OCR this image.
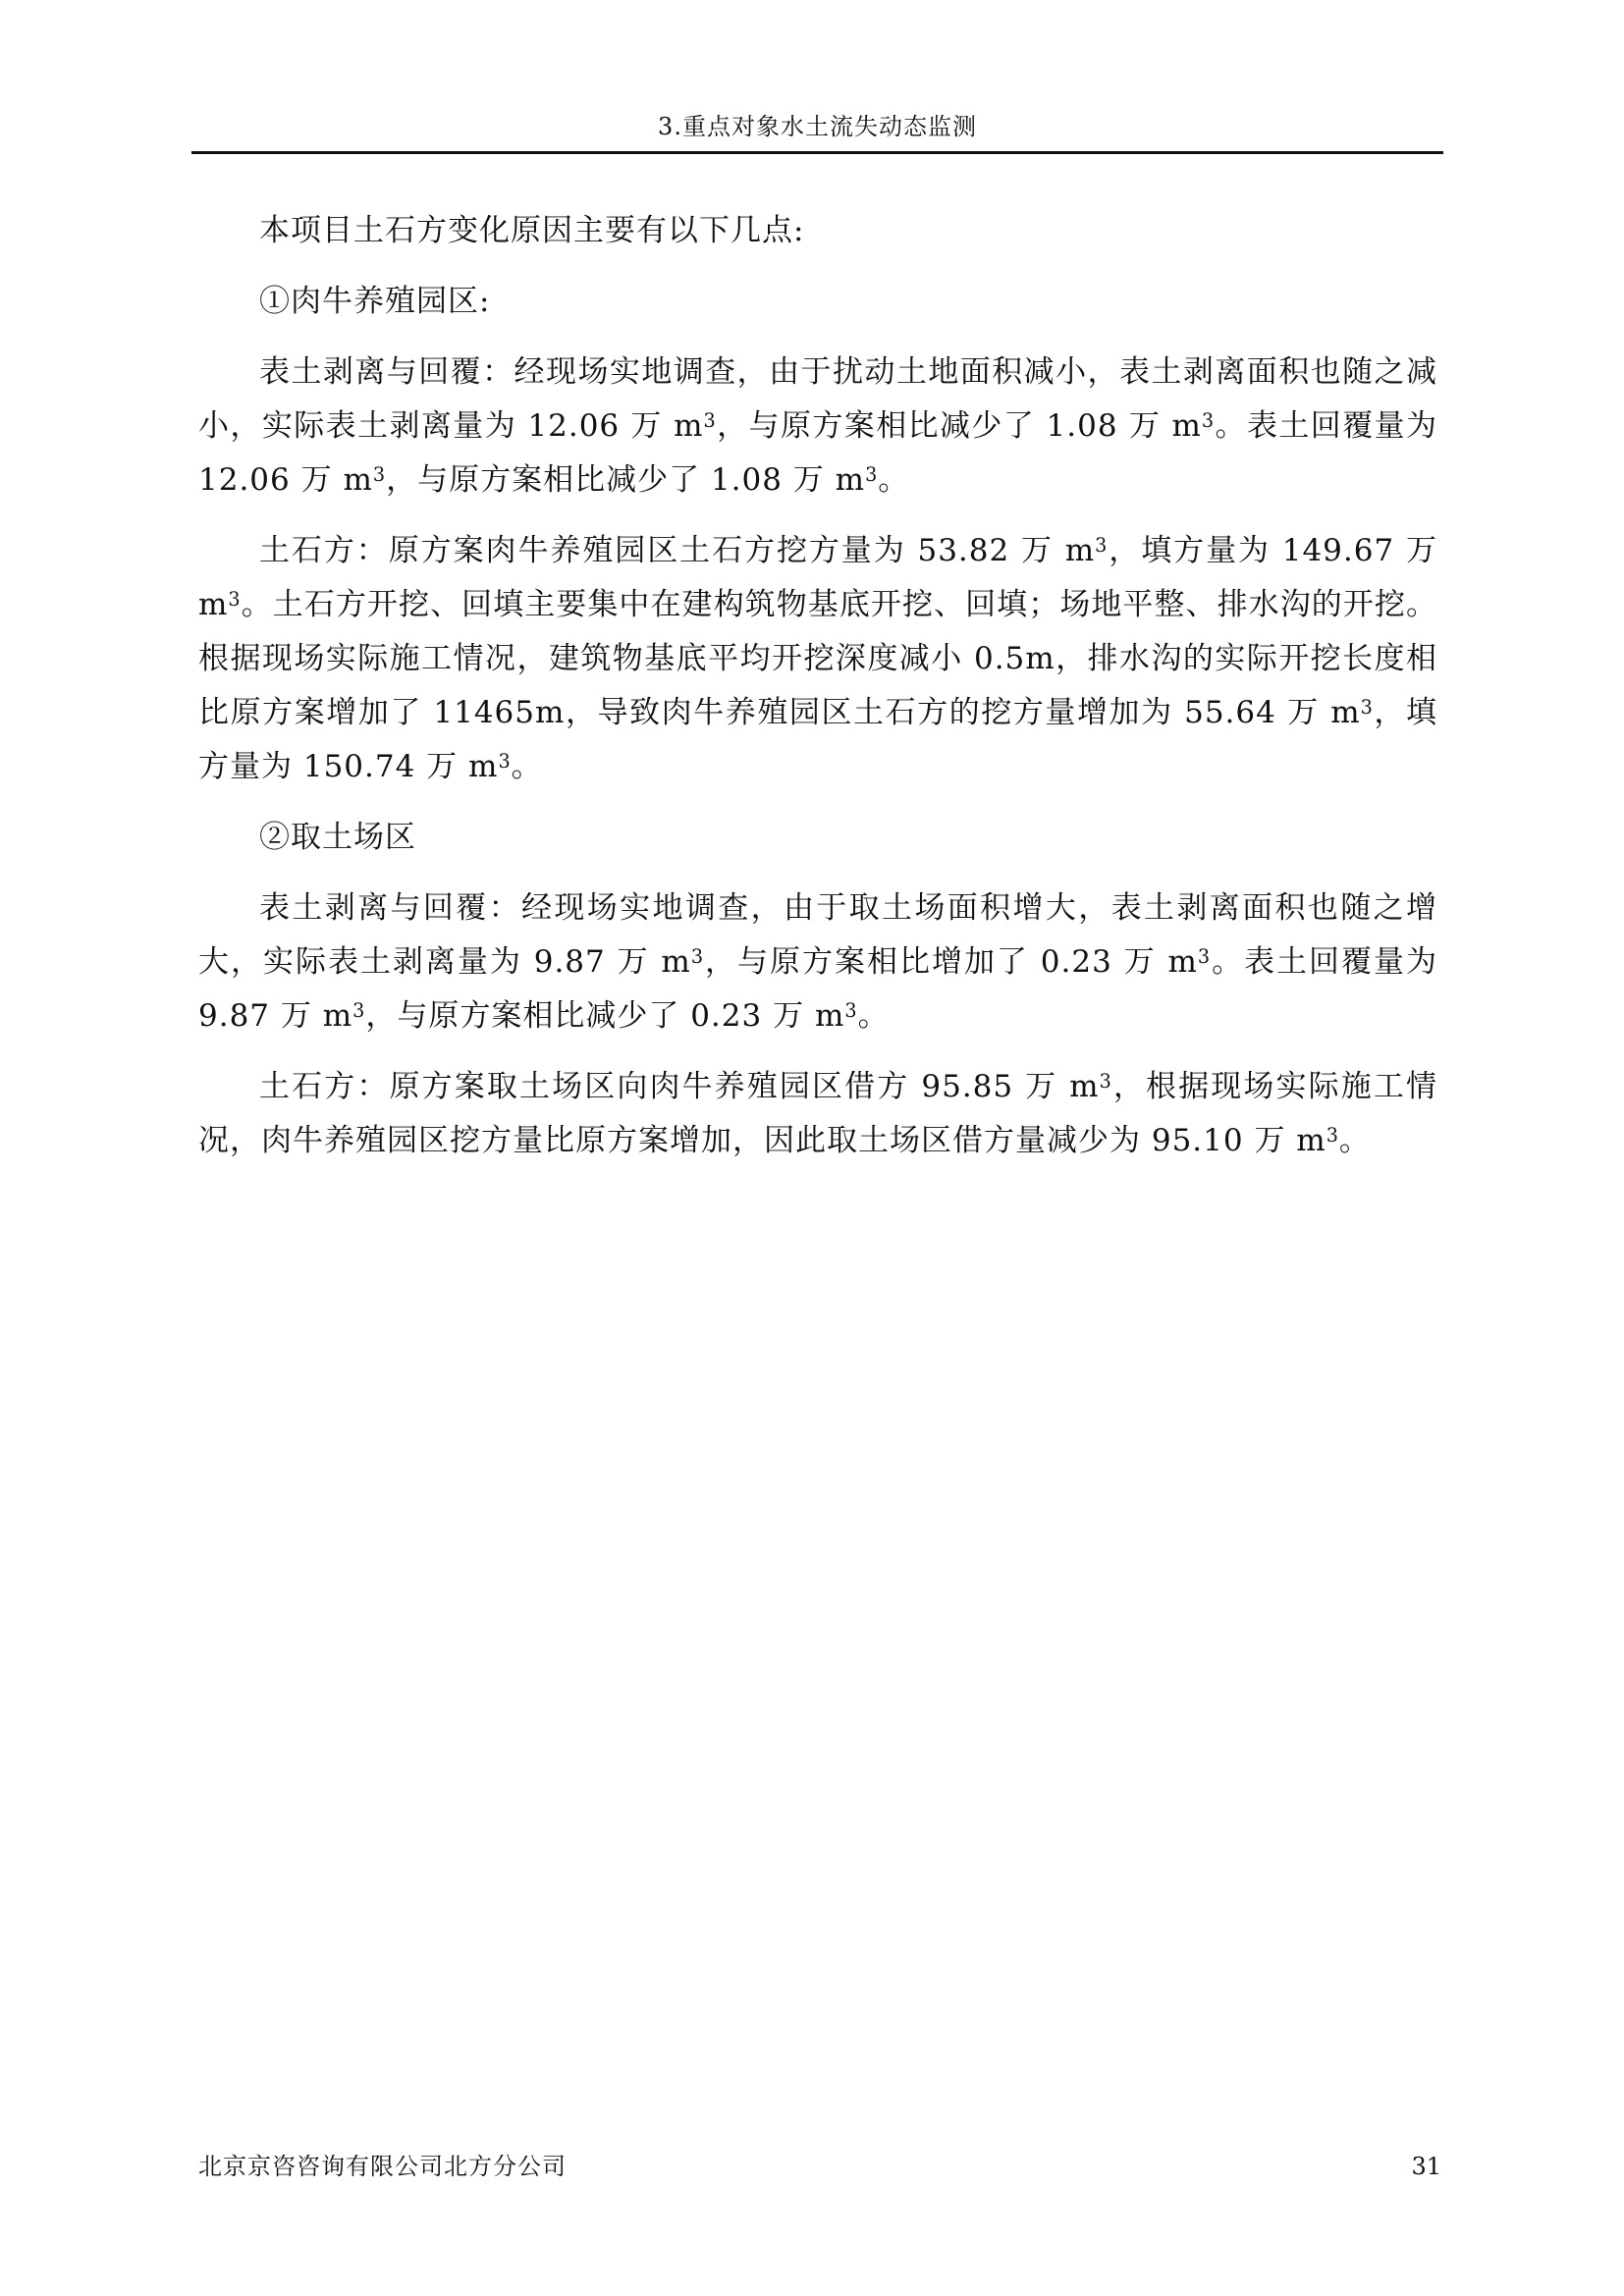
3.重点对象水土流失动态监测

本项目土石方变化原因主要有以下几点:

①肉牛养殖园区:

表土剥离与回覆：经现场实地调查，由于扰动土地面积减小，表土剥离面积也随之减小，实际表土剥离量为 12.06 万 $m^3$，与原方案相比减少了 1.08 万 $m^3$。表土回覆量为 12.06 万 $m^3$，与原方案相比减少了 1.08 万 $m^3$。

土石方：原方案肉牛养殖园区土石方挖方量为 53.82 万 $m^3$，填方量为 149.67 万 $m^3$。土石方开挖、回填主要集中在建构筑物基底开挖、回填；场地平整、排水沟的开挖。根据现场实际施工情况，建筑物基底平均开挖深度减小 0.5m，排水沟的实际开挖长度相比原方案增加了 11465m，导致肉牛养殖园区土石方的挖方量增加为 55.64 万 $m^3$，填方量为 150.74 万 $m^3$。

②取土场区

表土剥离与回覆：经现场实地调查，由于取土场面积增大，表土剥离面积也随之增大，实际表土剥离量为 9.87 万 $m^3$，与原方案相比增加了 0.23 万 $m^3$。表土回覆量为 9.87 万 $m^3$，与原方案相比减少了 0.23 万 $m^3$。

土石方：原方案取土场区向肉牛养殖园区借方 95.85 万 $m^3$，根据现场实际施工情况，肉牛养殖园区挖方量比原方案增加，因此取土场区借方量减少为 95.10 万 $m^3$。

北京京咨咨询有限公司北方分公司	31
